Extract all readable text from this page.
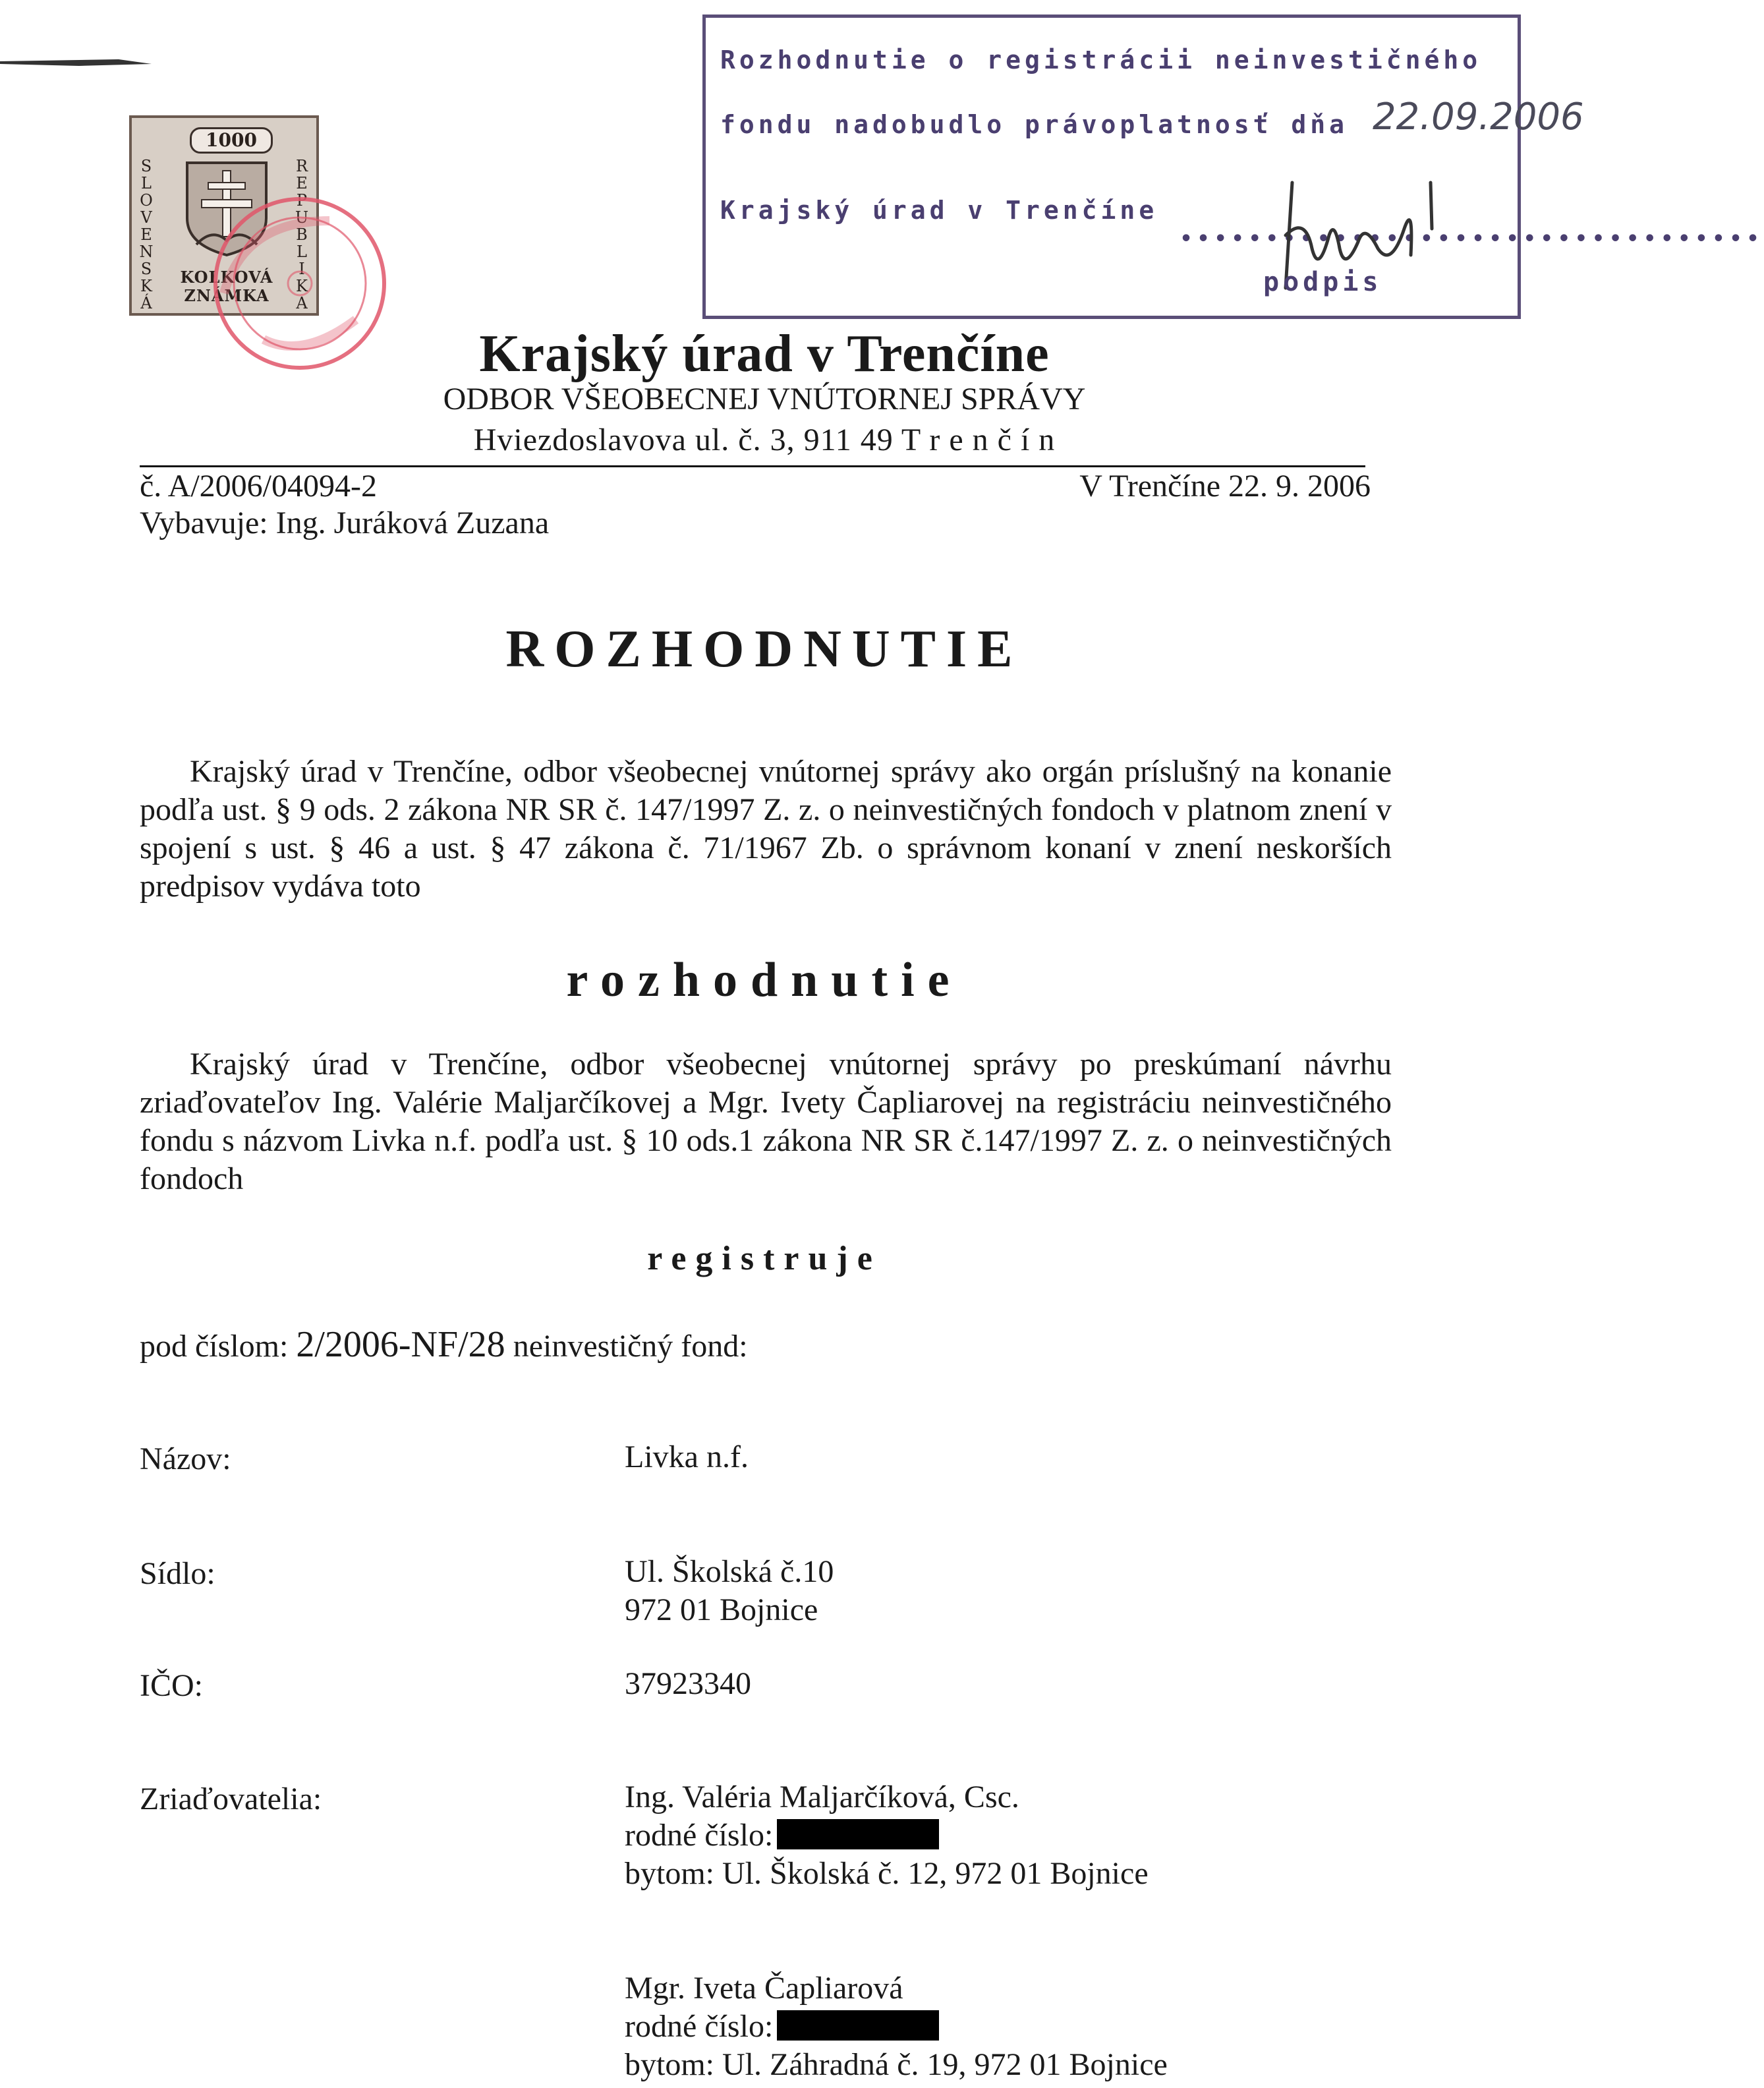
1000
S
L
O
V
E
N
S
K
Á
R
E
P
U
B
L
I
K
A
KOLKOVÁ
ZNÁMKA
Rozhodnutie o registrácii neinvestičného
fondu nadobudlo právoplatnosť dňa 22.09.2006
Krajský úrad v Trenčíne
••••••••••••••••••••••••••••••••••
podpis
Krajský úrad v Trenčíne
ODBOR VŠEOBECNEJ VNÚTORNEJ SPRÁVY
Hviezdoslavova ul. č. 3, 911 49 T r e n č í n
č. A/2006/04094-2	V Trenčíne 22. 9. 2006
Vybavuje: Ing. Juráková Zuzana
ROZHODNUTIE
Krajský úrad v Trenčíne, odbor všeobecnej vnútornej správy ako orgán príslušný na konanie podľa ust. § 9 ods. 2 zákona NR SR č. 147/1997 Z. z. o neinvestičných fondoch v platnom znení v spojení s ust. § 46 a ust. § 47 zákona č. 71/1967 Zb. o správnom konaní v znení neskorších predpisov vydáva toto
rozhodnutie
Krajský úrad v Trenčíne, odbor všeobecnej vnútornej správy po preskúmaní návrhu zriaďovateľov Ing. Valérie Maljarčíkovej a Mgr. Ivety Čapliarovej na registráciu neinvestičného fondu s názvom Livka n.f. podľa ust. § 10 ods.1 zákona NR SR č.147/1997 Z. z. o neinvestičných fondoch
registruje
pod číslom: 2/2006-NF/28 neinvestičný fond:
Názov:	Livka n.f.
Sídlo:	Ul. Školská č.10
972 01 Bojnice
IČO:	37923340
Zriaďovatelia:	Ing. Valéria Maljarčíková, Csc.
rodné číslo:
bytom: Ul. Školská č. 12, 972 01 Bojnice
Mgr. Iveta Čapliarová
rodné číslo:
bytom: Ul. Záhradná č. 19, 972 01 Bojnice
